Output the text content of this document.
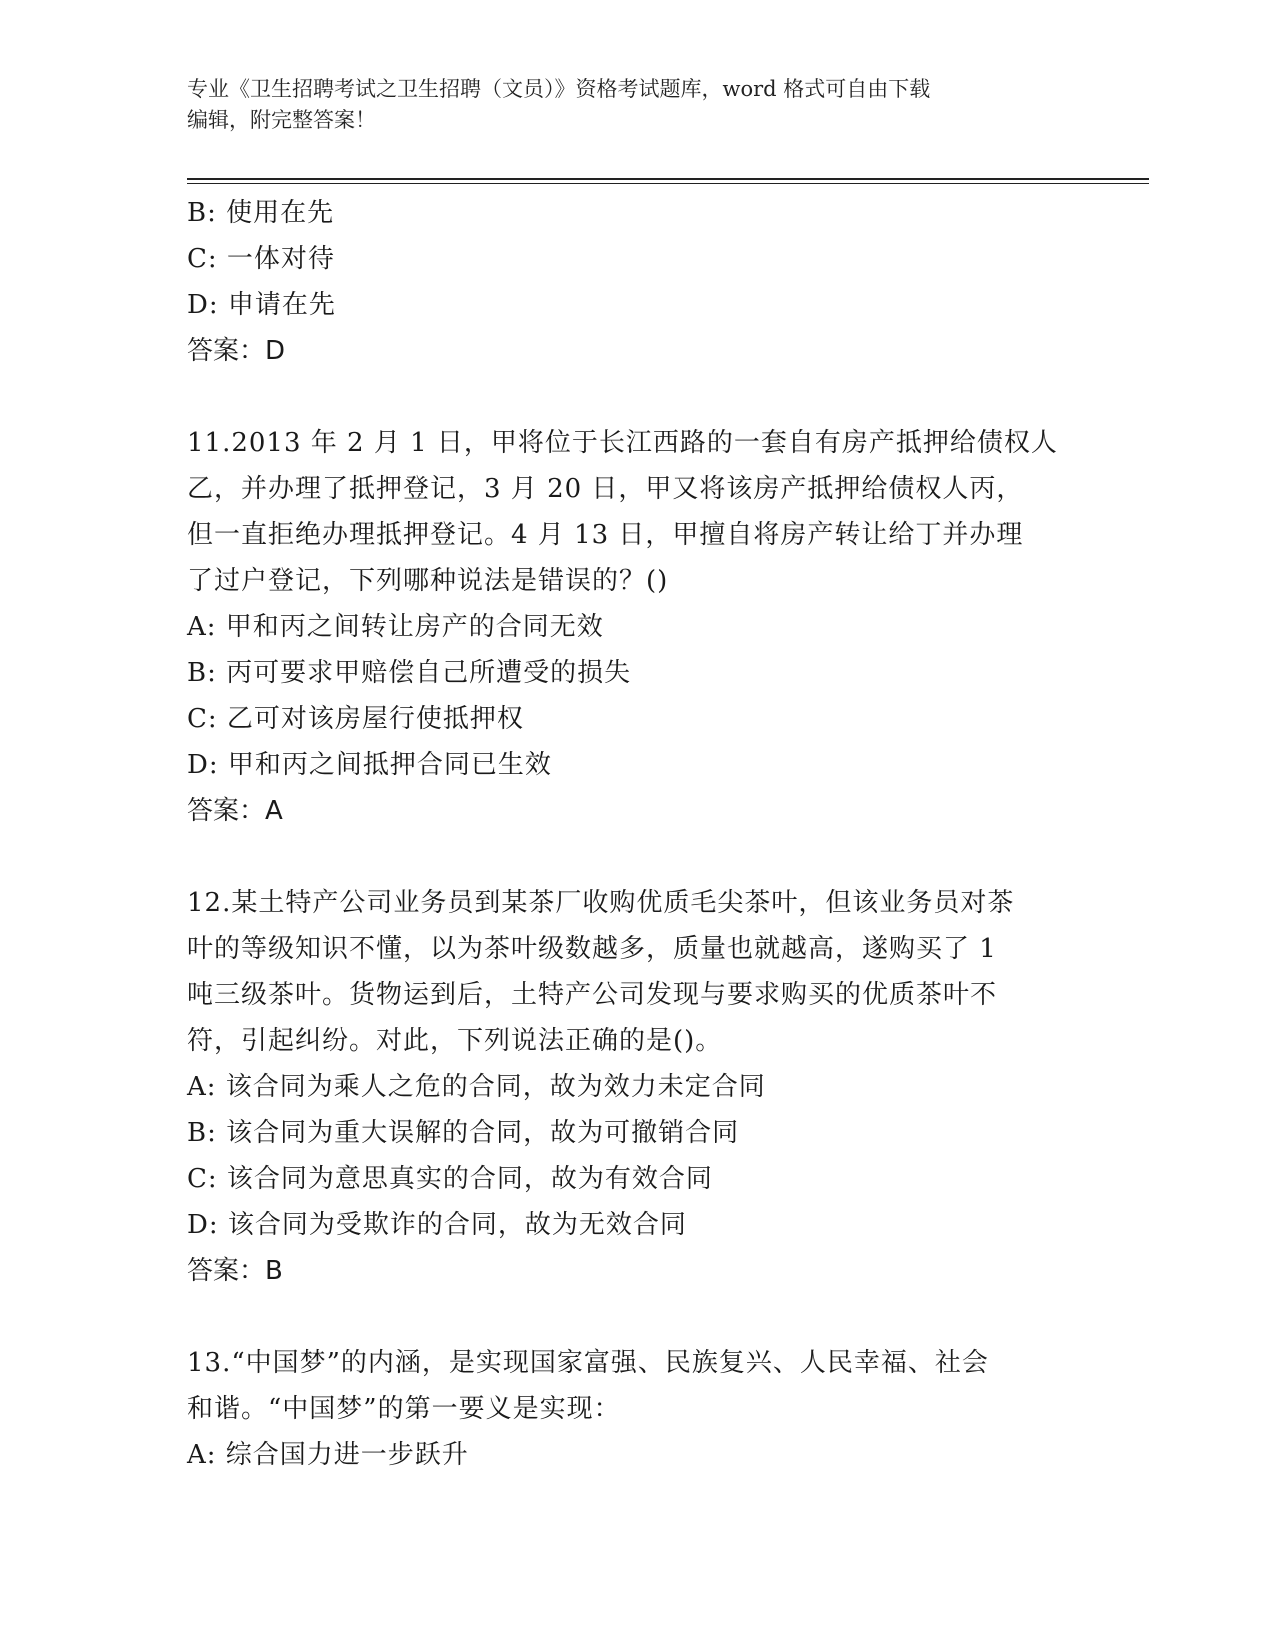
专业《卫生招聘考试之卫生招聘（文员）》资格考试题库，word 格式可自由下载
编辑，附完整答案！
B: 使用在先
C: 一体对待
D: 申请在先
答案：D
11.2013 年 2 月 1 日，甲将位于长江西路的一套自有房产抵押给债权人
乙，并办理了抵押登记，3 月 20 日，甲又将该房产抵押给债权人丙，
但一直拒绝办理抵押登记。4 月 13 日，甲擅自将房产转让给丁并办理
了过户登记，下列哪种说法是错误的？()
A: 甲和丙之间转让房产的合同无效
B: 丙可要求甲赔偿自己所遭受的损失
C: 乙可对该房屋行使抵押权
D: 甲和丙之间抵押合同已生效
答案：A
12.某土特产公司业务员到某茶厂收购优质毛尖茶叶，但该业务员对茶
叶的等级知识不懂，以为茶叶级数越多，质量也就越高，遂购买了 1
吨三级茶叶。货物运到后，土特产公司发现与要求购买的优质茶叶不
符，引起纠纷。对此，下列说法正确的是()。
A: 该合同为乘人之危的合同，故为效力未定合同
B: 该合同为重大误解的合同，故为可撤销合同
C: 该合同为意思真实的合同，故为有效合同
D: 该合同为受欺诈的合同，故为无效合同
答案：B
13.“中国梦”的内涵，是实现国家富强、民族复兴、人民幸福、社会
和谐。“中国梦”的第一要义是实现：
A: 综合国力进一步跃升
